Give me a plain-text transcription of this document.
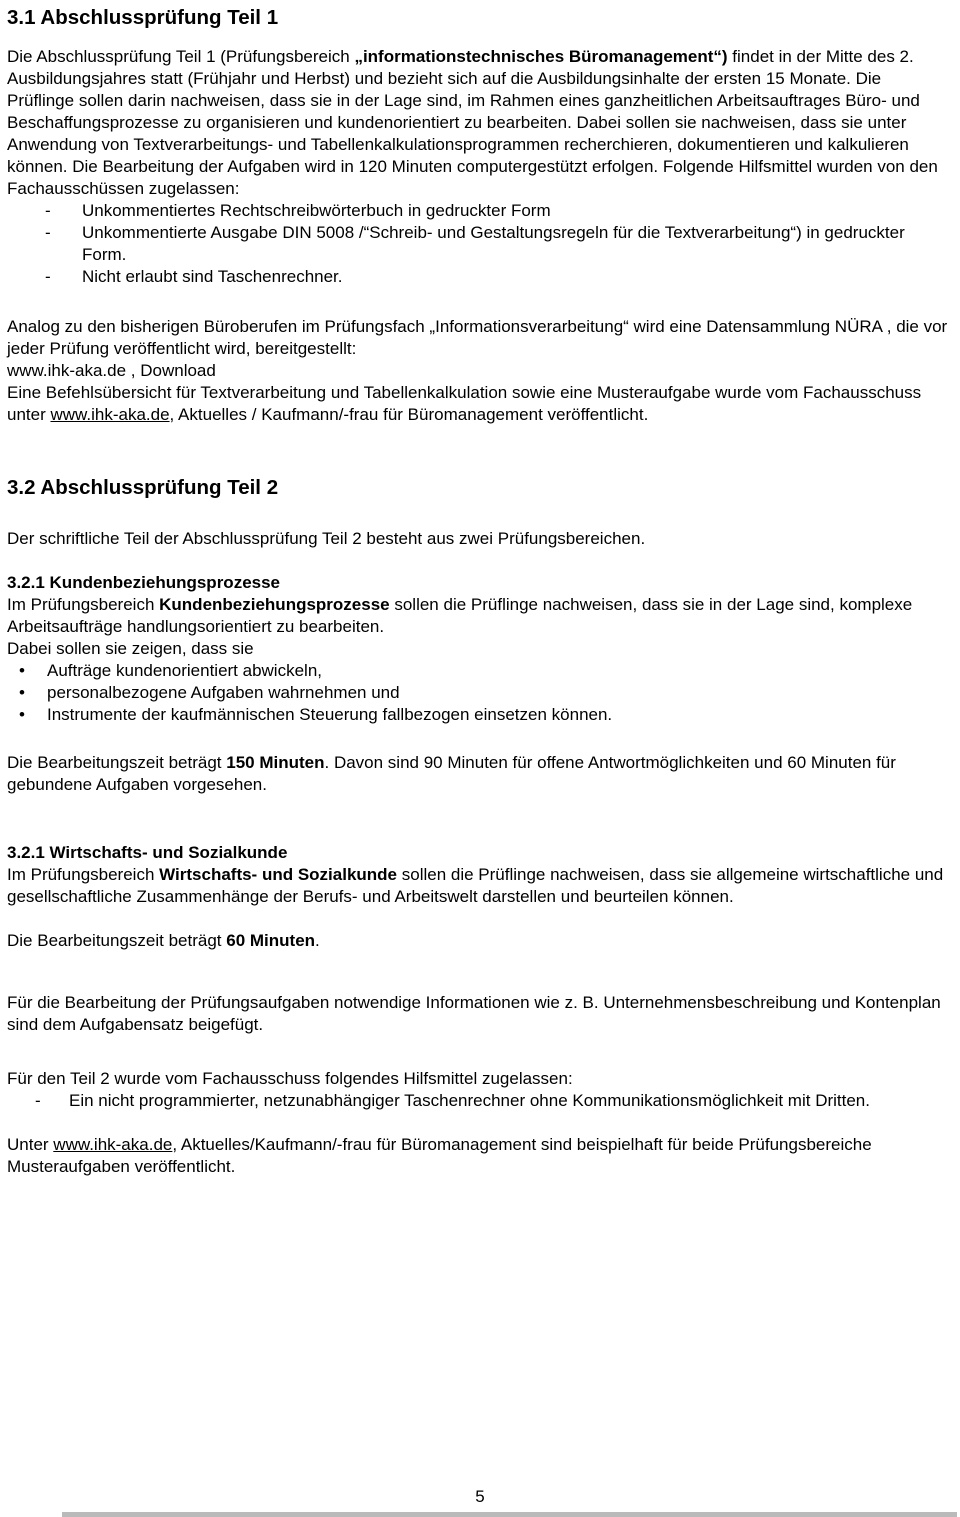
3.1 Abschlussprüfung Teil 1

Die Abschlussprüfung Teil 1 (Prüfungsbereich „informationstechnisches Büromanagement“) findet in der Mitte des 2. Ausbildungsjahres statt (Frühjahr und Herbst) und bezieht sich auf die Ausbildungsinhalte der ersten 15 Monate. Die Prüflinge sollen darin nachweisen, dass sie in der Lage sind, im Rahmen eines ganzheitlichen Arbeitsauftrages Büro- und Beschaffungsprozesse zu organisieren und kundenorientiert zu bearbeiten. Dabei sollen sie nachweisen, dass sie unter Anwendung von Textverarbeitungs- und Tabellenkalkulationsprogrammen recherchieren, dokumentieren und kalkulieren können. Die Bearbeitung der Aufgaben wird in 120 Minuten computergestützt erfolgen. Folgende Hilfsmittel wurden von den Fachausschüssen zugelassen:

- Unkommentiertes Rechtschreibwörterbuch in gedruckter Form
- Unkommentierte Ausgabe DIN 5008 /“Schreib- und Gestaltungsregeln für die Textverarbeitung“) in gedruckter Form.
- Nicht erlaubt sind Taschenrechner.

Analog zu den bisherigen Büroberufen im Prüfungsfach „Informationsverarbeitung“ wird eine Datensammlung NÜRA , die vor jeder Prüfung veröffentlicht wird, bereitgestellt:

www.ihk-aka.de , Download

Eine Befehlsübersicht für Textverarbeitung und Tabellenkalkulation sowie eine Musteraufgabe wurde vom Fachausschuss unter www.ihk-aka.de, Aktuelles / Kaufmann/-frau für Büromanagement veröffentlicht.

3.2 Abschlussprüfung Teil 2

Der schriftliche Teil der Abschlussprüfung Teil 2 besteht aus zwei Prüfungsbereichen.

3.2.1 Kundenbeziehungsprozesse

Im Prüfungsbereich Kundenbeziehungsprozesse sollen die Prüflinge nachweisen, dass sie in der Lage sind, komplexe Arbeitsaufträge handlungsorientiert zu bearbeiten.

Dabei sollen sie zeigen, dass sie

• Aufträge kundenorientiert abwickeln,
• personalbezogene Aufgaben wahrnehmen und
• Instrumente der kaufmännischen Steuerung fallbezogen einsetzen können.

Die Bearbeitungszeit beträgt 150 Minuten. Davon sind 90 Minuten für offene Antwortmöglichkeiten und 60 Minuten für gebundene Aufgaben vorgesehen.

3.2.1 Wirtschafts- und Sozialkunde

Im Prüfungsbereich Wirtschafts- und Sozialkunde sollen die Prüflinge nachweisen, dass sie allgemeine wirtschaftliche und gesellschaftliche Zusammenhänge der Berufs- und Arbeitswelt darstellen und beurteilen können.

Die Bearbeitungszeit beträgt 60 Minuten.

Für die Bearbeitung der Prüfungsaufgaben notwendige Informationen wie z. B. Unternehmensbeschreibung und Kontenplan sind dem Aufgabensatz beigefügt.

Für den Teil 2 wurde vom Fachausschuss folgendes Hilfsmittel zugelassen:

- Ein nicht programmierter, netzunabhängiger Taschenrechner ohne Kommunikationsmöglichkeit mit Dritten.

Unter www.ihk-aka.de, Aktuelles/Kaufmann/-frau für Büromanagement sind beispielhaft für beide Prüfungsbereiche Musteraufgaben veröffentlicht.

5
